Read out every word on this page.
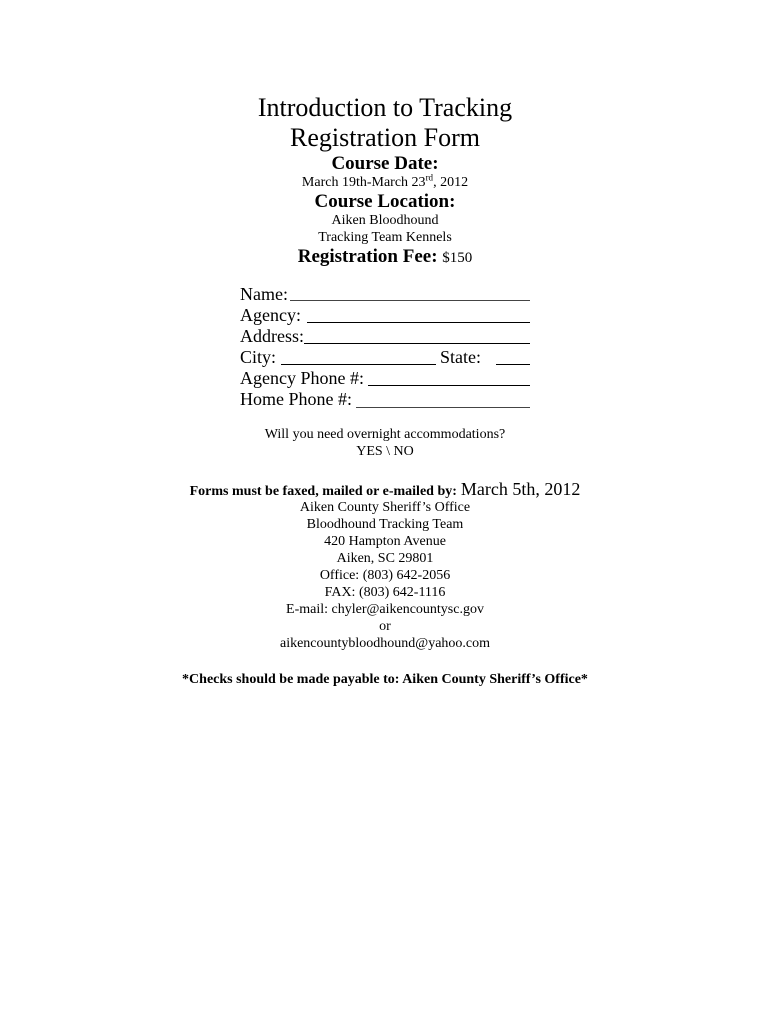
Introduction to Tracking
Registration Form
Course Date:
March 19th-March 23rd, 2012
Course Location:
Aiken Bloodhound
Tracking Team Kennels
Registration Fee: $150
Name:
Agency:
Address:
City:	State:
Agency Phone #:
Home Phone #:
Will you need overnight accommodations?
YES \ NO
Forms must be faxed, mailed or e-mailed by: March 5th, 2012
Aiken County Sheriff’s Office
Bloodhound Tracking Team
420 Hampton Avenue
Aiken, SC 29801
Office: (803) 642-2056
FAX: (803) 642-1116
E-mail: chyler@aikencountysc.gov
or
aikencountybloodhound@yahoo.com
*Checks should be made payable to: Aiken County Sheriff’s Office*
